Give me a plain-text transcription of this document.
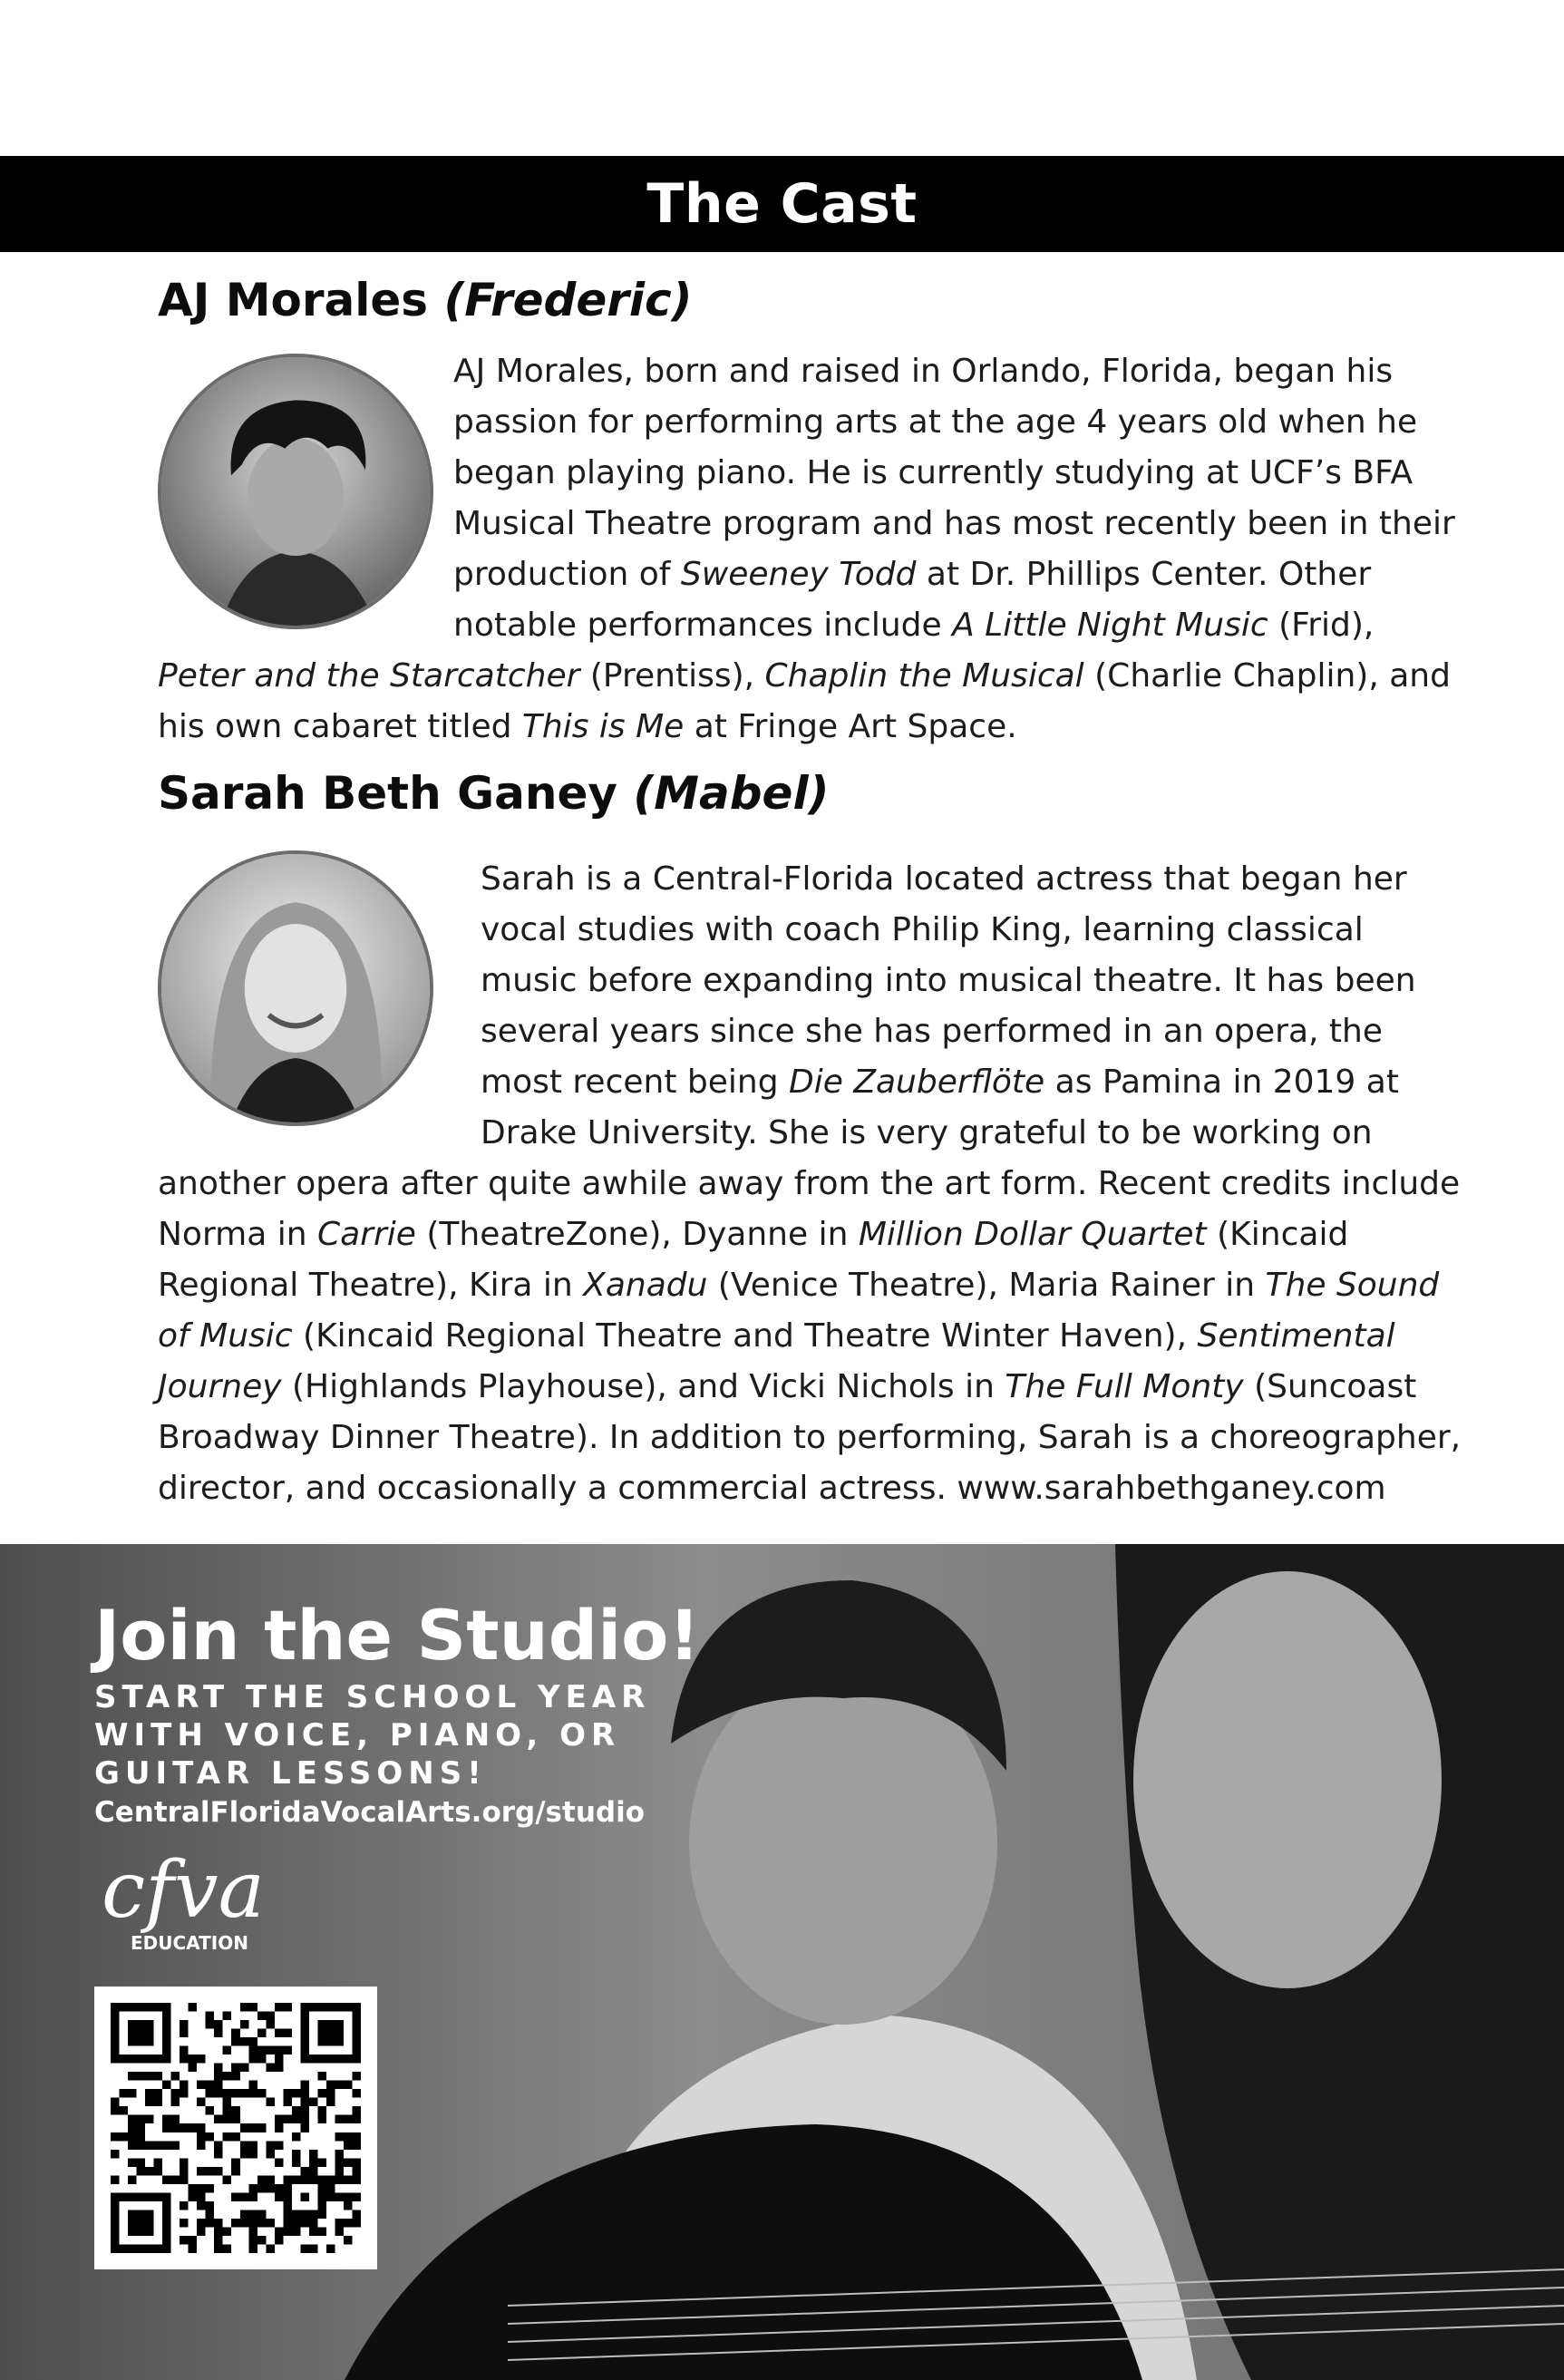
The Cast
AJ Morales (Frederic)
AJ Morales, born and raised in Orlando, Florida, began his passion for performing arts at the age 4 years old when he began playing piano. He is currently studying at UCF’s BFA Musical Theatre program and has most recently been in their production of Sweeney Todd at Dr. Phillips Center. Other notable performances include A Little Night Music (Frid), Peter and the Starcatcher (Prentiss), Chaplin the Musical (Charlie Chaplin), and his own cabaret titled This is Me at Fringe Art Space.
Sarah Beth Ganey (Mabel)
Sarah is a Central-Florida located actress that began her vocal studies with coach Philip King, learning classical music before expanding into musical theatre. It has been several years since she has performed in an opera, the most recent being Die Zauberflöte as Pamina in 2019 at Drake University. She is very grateful to be working on another opera after quite awhile away from the art form. Recent credits include Norma in Carrie (TheatreZone), Dyanne in Million Dollar Quartet (Kincaid Regional Theatre), Kira in Xanadu (Venice Theatre), Maria Rainer in The Sound of Music (Kincaid Regional Theatre and Theatre Winter Haven), Sentimental Journey (Highlands Playhouse), and Vicki Nichols in The Full Monty (Suncoast Broadway Dinner Theatre). In addition to performing, Sarah is a choreographer, director, and occasionally a commercial actress. www.sarahbethganey.com
Join the Studio!

START THE SCHOOL YEAR WITH VOICE, PIANO, OR GUITAR LESSONS!

CentralFloridaVocalArts.org/studio

cfva
EDUCATION
